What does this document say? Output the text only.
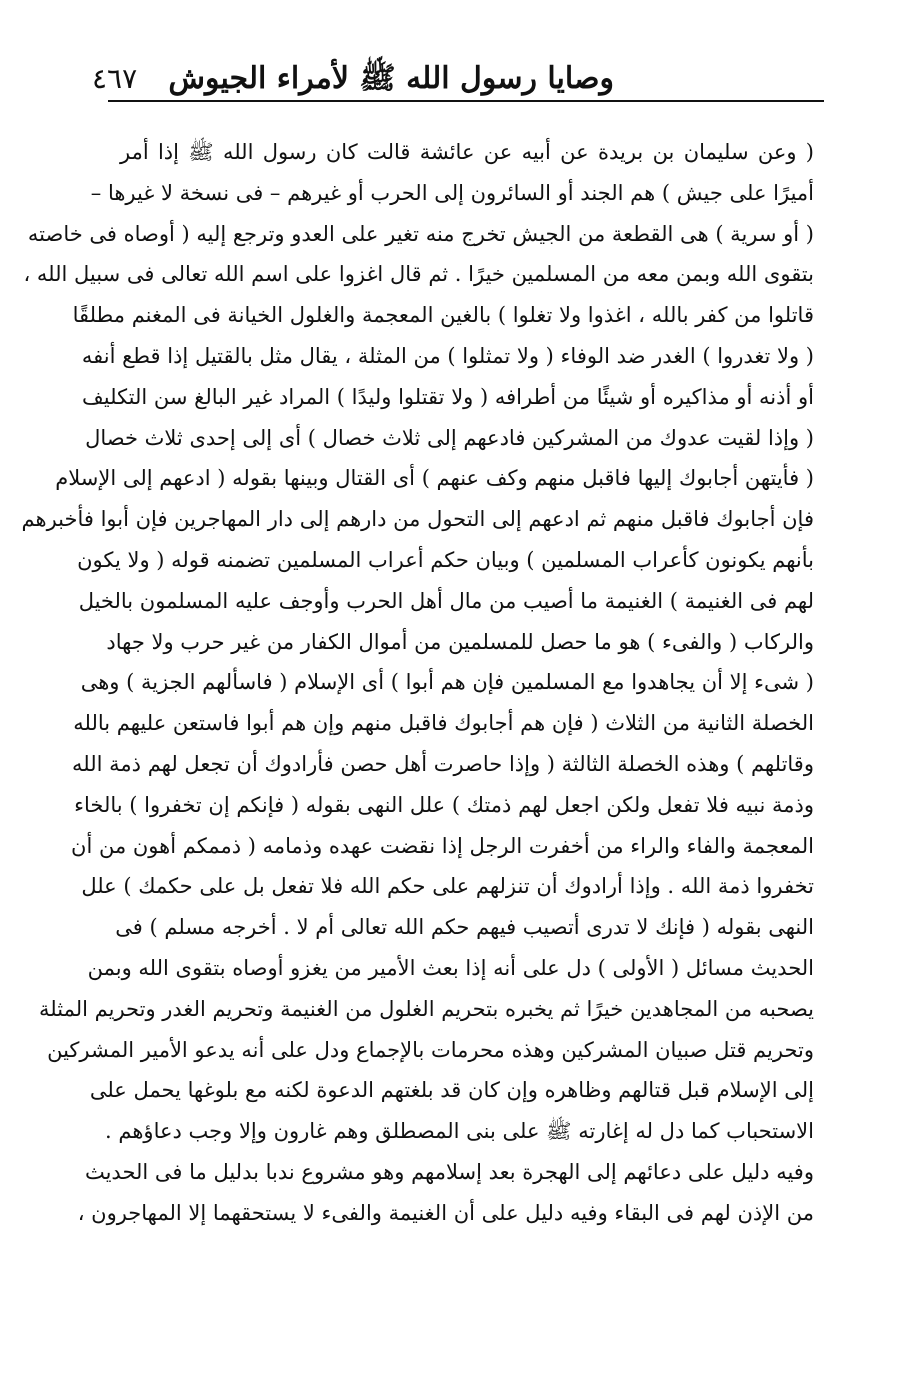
٤٦٧ وصايا رسول الله ﷺ لأمراء الجيوش
( وعن سليمان بن بريدة عن أبيه عن عائشة قالت كان رسول الله ﷺ إذا أمر
أميرًا على جيش ) هم الجند أو السائرون إلى الحرب أو غيرهم – فى نسخة لا غيرها –
( أو سرية ) هى القطعة من الجيش تخرج منه تغير على العدو وترجع إليه ( أوصاه فى خاصته
بتقوى الله وبمن معه من المسلمين خيرًا . ثم قال اغزوا على اسم الله تعالى فى سبيل الله ،
قاتلوا من كفر بالله ، اغذوا ولا تغلوا ) بالغين المعجمة والغلول الخيانة فى المغنم مطلقًا
( ولا تغدروا ) الغدر ضد الوفاء ( ولا تمثلوا ) من المثلة ، يقال مثل بالقتيل إذا قطع أنفه
أو أذنه أو مذاكيره أو شيئًا من أطرافه ( ولا تقتلوا وليدًا ) المراد غير البالغ سن التكليف
( وإذا لقيت عدوك من المشركين فادعهم إلى ثلاث خصال ) أى إلى إحدى ثلاث خصال
( فأيتهن أجابوك إليها فاقبل منهم وكف عنهم ) أى القتال وبينها بقوله ( ادعهم إلى الإسلام
فإن أجابوك فاقبل منهم ثم ادعهم إلى التحول من دارهم إلى دار المهاجرين فإن أبوا فأخبرهم
بأنهم يكونون كأعراب المسلمين ) وبيان حكم أعراب المسلمين تضمنه قوله ( ولا يكون
لهم فى الغنيمة ) الغنيمة ما أصيب من مال أهل الحرب وأوجف عليه المسلمون بالخيل
والركاب ( والفىء ) هو ما حصل للمسلمين من أموال الكفار من غير حرب ولا جهاد
( شىء إلا أن يجاهدوا مع المسلمين فإن هم أبوا ) أى الإسلام ( فاسألهم الجزية ) وهى
الخصلة الثانية من الثلاث ( فإن هم أجابوك فاقبل منهم وإن هم أبوا فاستعن عليهم بالله
وقاتلهم ) وهذه الخصلة الثالثة ( وإذا حاصرت أهل حصن فأرادوك أن تجعل لهم ذمة الله
وذمة نبيه فلا تفعل ولكن اجعل لهم ذمتك ) علل النهى بقوله ( فإنكم إن تخفروا ) بالخاء
المعجمة والفاء والراء من أخفرت الرجل إذا نقضت عهده وذمامه ( ذممكم أهون من أن
تخفروا ذمة الله . وإذا أرادوك أن تنزلهم على حكم الله فلا تفعل بل على حكمك ) علل
النهى بقوله ( فإنك لا تدرى أتصيب فيهم حكم الله تعالى أم لا . أخرجه مسلم ) فى
الحديث مسائل ( الأولى ) دل على أنه إذا بعث الأمير من يغزو أوصاه بتقوى الله وبمن
يصحبه من المجاهدين خيرًا ثم يخبره بتحريم الغلول من الغنيمة وتحريم الغدر وتحريم المثلة
وتحريم قتل صبيان المشركين وهذه محرمات بالإجماع ودل على أنه يدعو الأمير المشركين
إلى الإسلام قبل قتالهم وظاهره وإن كان قد بلغتهم الدعوة لكنه مع بلوغها يحمل على
الاستحباب كما دل له إغارته ﷺ على بنى المصطلق وهم غارون وإلا وجب دعاؤهم .
وفيه دليل على دعائهم إلى الهجرة بعد إسلامهم وهو مشروع ندبا بدليل ما فى الحديث
من الإذن لهم فى البقاء وفيه دليل على أن الغنيمة والفىء لا يستحقهما إلا المهاجرون ،
